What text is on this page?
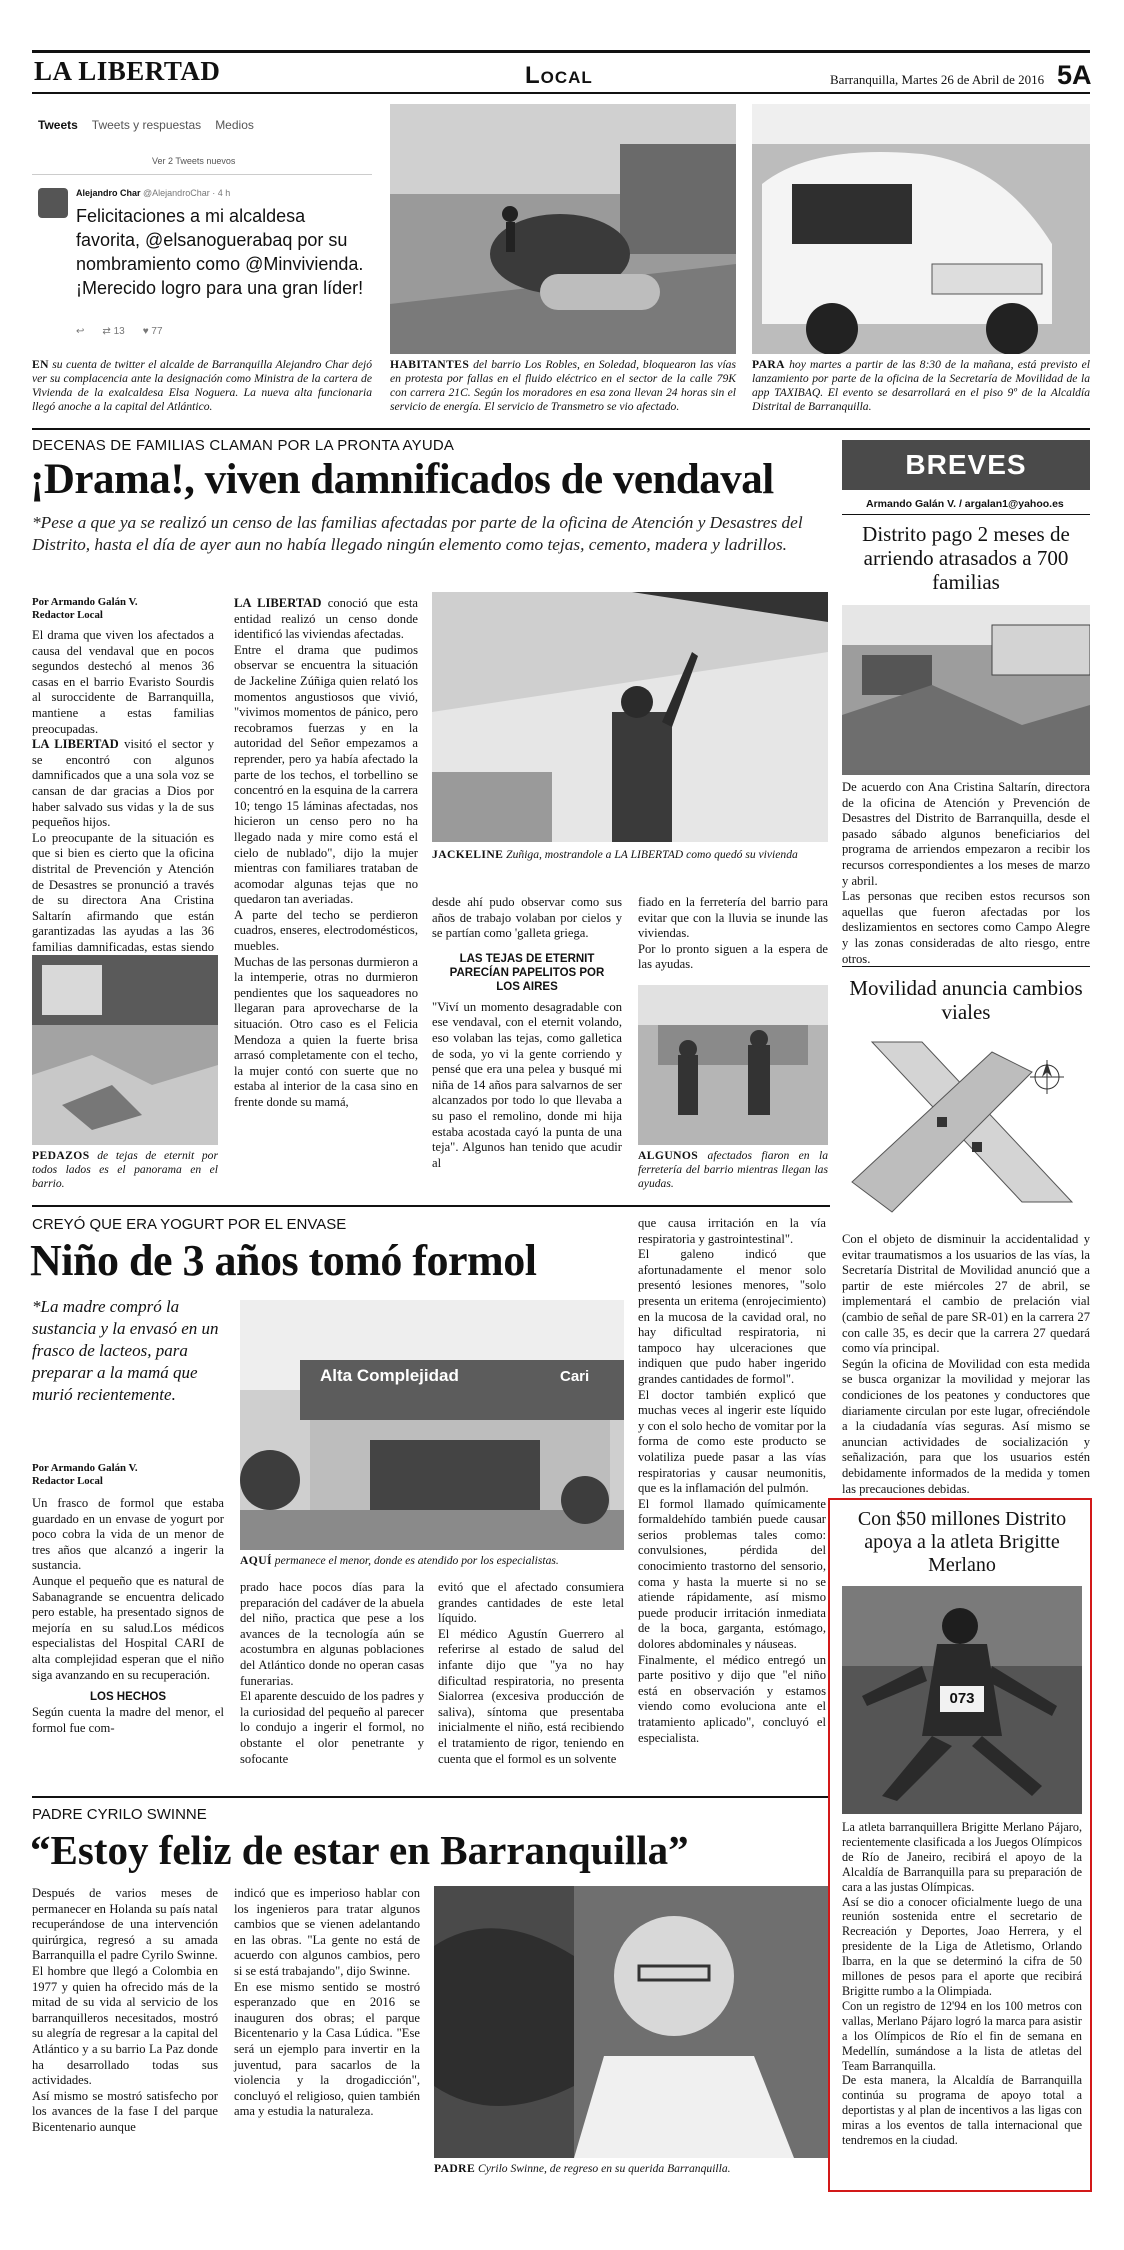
LA LIBERTAD	Local	Barranquilla, Martes 26 de Abril de 2016 5A
Tweets Tweets y respuestas Medios
Ver 2 Tweets nuevos
Alejandro Char @AlejandroChar · 4 h
Felicitaciones a mi alcaldesa favorita, @elsanoguerabaq por su nombramiento como @Minvivienda. ¡Merecido logro para una gran líder!
↩ ⇄ 13 ♥ 77
EN su cuenta de twitter el alcalde de Barranquilla Alejandro Char dejó ver su complacencia ante la designación como Ministra de la cartera de Vivienda de la exalcaldesa Elsa Noguera. La nueva alta funcionaria llegó anoche a la capital del Atlántico.
HABITANTES del barrio Los Robles, en Soledad, bloquearon las vías en protesta por fallas en el fluido eléctrico en el sector de la calle 79K con carrera 21C. Según los moradores en esa zona llevan 24 horas sin el servicio de energía. El servicio de Transmetro se vio afectado.
PARA hoy martes a partir de las 8:30 de la mañana, está previsto el lanzamiento por parte de la oficina de la Secretaría de Movilidad de la app TAXIBAQ. El evento se desarrollará en el piso 9º de la Alcaldía Distrital de Barranquilla.
DECENAS DE FAMILIAS CLAMAN POR LA PRONTA AYUDA
¡Drama!, viven damnificados de vendaval
*Pese a que ya se realizó un censo de las familias afectadas por parte de la oficina de Atención y Desastres del Distrito, hasta el día de ayer aun no había llegado ningún elemento como tejas, cemento, madera y ladrillos.
Por Armando Galán V.
Redactor Local

El drama que viven los afectados a causa del vendaval que en pocos segundos destechó al menos 36 casas en el barrio Evaristo Sourdis al suroccidente de Barranquilla, mantiene a estas familias preocupadas.

LA LIBERTAD visitó el sector y se encontró con algunos damnificados que a una sola voz se cansan de dar gracias a Dios por haber salvado sus vidas y la de sus pequeños hijos.

Lo preocupante de la situación es que si bien es cierto que la oficina distrital de Prevención y Atención de Desastres se pronunció a través de su directora Ana Cristina Saltarín afirmando que están garantizadas las ayudas a las 36 familias damnificadas, estas siendo

PEDAZOS de tejas de eternit por todos lados es el panorama en el barrio.

LA LIBERTAD conoció que esta entidad realizó un censo donde identificó las viviendas afectadas.

Entre el drama que pudimos observar se encuentra la situación de Jackeline Zúñiga quien relató los momentos angustiosos que vivió, "vivimos momentos de pánico, pero recobramos fuerzas y en la autoridad del Señor empezamos a reprender, pero ya había afectado la parte de los techos, el torbellino se concentró en la esquina de la carrera 10; tengo 15 láminas afectadas, nos hicieron un censo pero no ha llegado nada y mire como está el cielo de nublado", dijo la mujer mientras con familiares trataban de acomodar algunas tejas que no quedaron tan averiadas.

A parte del techo se perdieron cuadros, enseres, electrodomésticos, muebles.

Muchas de las personas durmieron a la intemperie, otras no durmieron pendientes que los saqueadores no llegaran para aprovecharse de la situación. Otro caso es el Felicia Mendoza a quien la fuerte brisa arrasó completamente con el techo, la mujer contó con suerte que no estaba al interior de la casa sino en frente donde su mamá,

JACKELINE Zuñiga, mostrandole a LA LIBERTAD como quedó su vivienda

desde ahí pudo observar como sus años de trabajo volaban por cielos y se partían como 'galleta griega.

LAS TEJAS DE ETERNIT PARECÍAN PAPELITOS POR LOS AIRES

"Viví un momento desagradable con ese vendaval, con el eternit volando, eso volaban las tejas, como galletica de soda, yo vi la gente corriendo y pensé que era una pelea y busqué mi niña de 14 años para salvarnos de ser alcanzados por todo lo que llevaba a su paso el remolino, donde mi hija estaba acostada cayó la punta de una teja". Algunos han tenido que acudir al

fiado en la ferretería del barrio para evitar que con la lluvia se inunde las viviendas.

Por lo pronto siguen a la espera de las ayudas.

ALGUNOS afectados fiaron en la ferretería del barrio mientras llegan las ayudas.
BREVES
Armando Galán V. / argalan1@yahoo.es
Distrito pago 2 meses de arriendo atrasados a 700 familias

De acuerdo con Ana Cristina Saltarín, directora de la oficina de Atención y Prevención de Desastres del Distrito de Barranquilla, desde el pasado sábado algunos beneficiarios del programa de arriendos empezaron a recibir los recursos correspondientes a los meses de marzo y abril.

Las personas que reciben estos recursos son aquellas que fueron afectadas por los deslizamientos en sectores como Campo Alegre y las zonas consideradas de alto riesgo, entre otros.

Movilidad anuncia cambios viales

Con el objeto de disminuir la accidentalidad y evitar traumatismos a los usuarios de las vías, la Secretaría Distrital de Movilidad anunció que a partir de este miércoles 27 de abril, se implementará el cambio de prelación vial (cambio de señal de pare SR-01) en la carrera 27 con calle 35, es decir que la carrera 27 quedará como vía principal.

Según la oficina de Movilidad con esta medida se busca organizar la movilidad y mejorar las condiciones de los peatones y conductores que diariamente circulan por este lugar, ofreciéndole a la ciudadanía vías seguras. Así mismo se anuncian actividades de socialización y señalización, para que los usuarios estén debidamente informados de la medida y tomen las precauciones debidas.

Con $50 millones Distrito apoya a la atleta Brigitte Merlano
073

La atleta barranquillera Brigitte Merlano Pájaro, recientemente clasificada a los Juegos Olímpicos de Río de Janeiro, recibirá el apoyo de la Alcaldía de Barranquilla para su preparación de cara a las justas Olímpicas.

Así se dio a conocer oficialmente luego de una reunión sostenida entre el secretario de Recreación y Deportes, Joao Herrera, y el presidente de la Liga de Atletismo, Orlando Ibarra, en la que se determinó la cifra de 50 millones de pesos para el aporte que recibirá Brigitte rumbo a la Olimpiada.

Con un registro de 12'94 en los 100 metros con vallas, Merlano Pájaro logró la marca para asistir a los Olímpicos de Río el fin de semana en Medellín, sumándose a la lista de atletas del Team Barranquilla.

De esta manera, la Alcaldía de Barranquilla continúa su programa de apoyo total a deportistas y al plan de incentivos a las ligas con miras a los eventos de talla internacional que tendremos en la ciudad.

CREYÓ QUE ERA YOGURT POR EL ENVASE
Niño de 3 años tomó formol
*La madre compró la sustancia y la envasó en un frasco de lacteos, para preparar a la mamá que murió recientemente.
Por Armando Galán V.
Redactor Local

Un frasco de formol que estaba guardado en un envase de yogurt por poco cobra la vida de un menor de tres años que alcanzó a ingerir la sustancia.

Aunque el pequeño que es natural de Sabanagrande se encuentra delicado pero estable, ha presentado signos de mejoría en su salud.Los médicos especialistas del Hospital CARI de alta complejidad esperan que el niño siga avanzando en su recuperación.

LOS HECHOS

Según cuenta la madre del menor, el formol fue com-

Alta Complejidad	Cari
AQUÍ permanece el menor, donde es atendido por los especialistas.

prado hace pocos días para la preparación del cadáver de la abuela del niño, practica que pese a los avances de la tecnología aún se acostumbra en algunas poblaciones del Atlántico donde no operan casas funerarias.

El aparente descuido de los padres y la curiosidad del pequeño al parecer lo condujo a ingerir el formol, no obstante el olor penetrante y sofocante

evitó que el afectado consumiera grandes cantidades de este letal líquido.

El médico Agustín Guerrero al referirse al estado de salud del infante dijo que "ya no hay dificultad respiratoria, no presenta Sialorrea (excesiva producción de saliva), síntoma que presentaba inicialmente el niño, está recibiendo el tratamiento de rigor, teniendo en cuenta que el formol es un solvente

que causa irritación en la vía respiratoria y gastrointestinal".

El galeno indicó que afortunadamente el menor solo presentó lesiones menores, "solo presenta un eritema (enrojecimiento) en la mucosa de la cavidad oral, no hay dificultad respiratoria, ni tampoco hay ulceraciones que indiquen que pudo haber ingerido grandes cantidades de formol".

El doctor también explicó que muchas veces al ingerir este líquido y con el solo hecho de vomitar por la forma de como este producto se volatiliza puede pasar a las vías respiratorias y causar neumonitis, que es la inflamación del pulmón.

El formol llamado químicamente formaldehído también puede causar serios problemas tales como: convulsiones, pérdida del conocimiento trastorno del sensorio, coma y hasta la muerte si no se atiende rápidamente, así mismo puede producir irritación inmediata de la boca, garganta, estómago, dolores abdominales y náuseas.

Finalmente, el médico entregó un parte positivo y dijo que "el niño está en observación y estamos viendo como evoluciona ante el tratamiento aplicado", concluyó el especialista.

PADRE CYRILO SWINNE
“Estoy feliz de estar en Barranquilla”

Después de varios meses de permanecer en Holanda su país natal recuperándose de una intervención quirúrgica, regresó a su amada Barranquilla el padre Cyrilo Swinne.

El hombre que llegó a Colombia en 1977 y quien ha ofrecido más de la mitad de su vida al servicio de los barranquilleros necesitados, mostró su alegría de regresar a la capital del Atlántico y a su barrio La Paz donde ha desarrollado todas sus actividades.

Así mismo se mostró satisfecho por los avances de la fase I del parque Bicentenario aunque

indicó que es imperioso hablar con los ingenieros para tratar algunos cambios que se vienen adelantando en las obras. "La gente no está de acuerdo con algunos cambios, pero si se está trabajando", dijo Swinne.

En ese mismo sentido se mostró esperanzado que en 2016 se inauguren dos obras; el parque Bicentenario y la Casa Lúdica. "Ese será un ejemplo para invertir en la juventud, para sacarlos de la violencia y la drogadicción", concluyó el religioso, quien también ama y estudia la naturaleza.

PADRE Cyrilo Swinne, de regreso en su querida Barranquilla.
